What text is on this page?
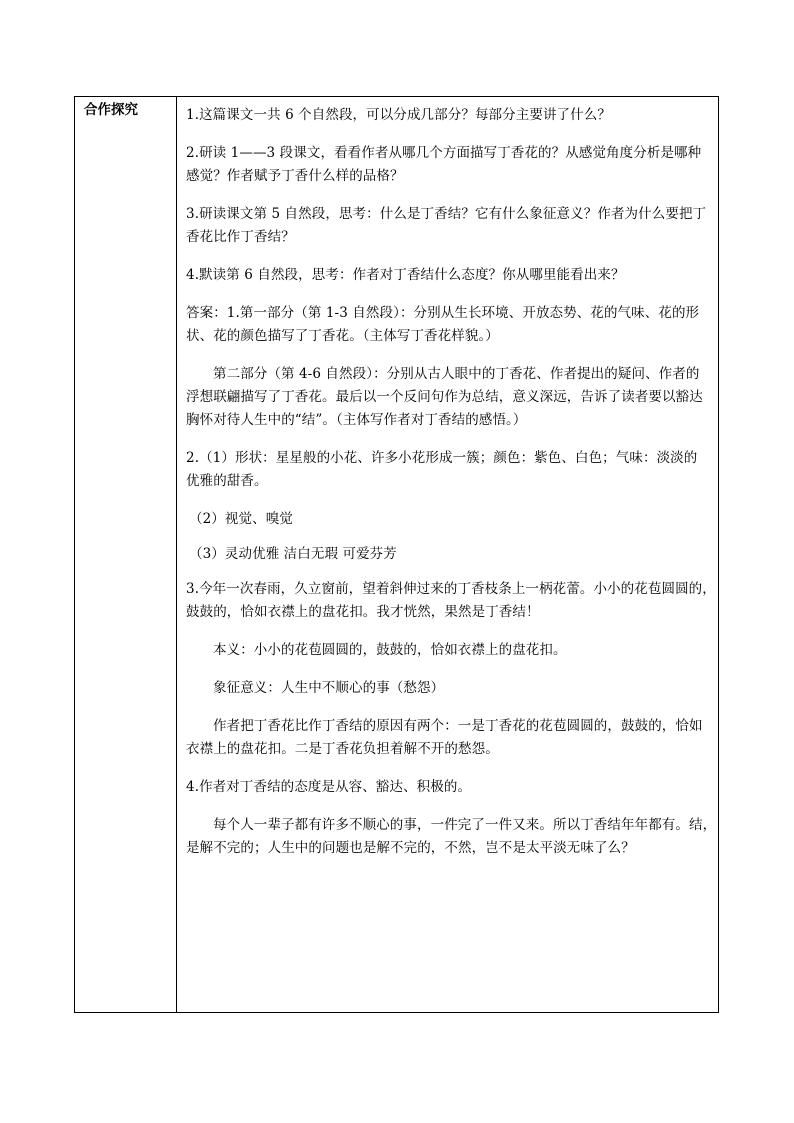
合作探究	1.这篇课文一共 6 个自然段，可以分成几部分？每部分主要讲了什么？

2.研读 1——3 段课文，看看作者从哪几个方面描写丁香花的？从感觉角度分析是哪种

感觉？作者赋予丁香什么样的品格？

3.研读课文第 5 自然段，思考：什么是丁香结？它有什么象征意义？作者为什么要把丁

香花比作丁香结？

4.默读第 6 自然段，思考：作者对丁香结什么态度？你从哪里能看出来？

答案：1.第一部分（第 1-3 自然段）：分别从生长环境、开放态势、花的气味、花的形

状、花的颜色描写了丁香花。（主体写丁香花样貌。）

第二部分（第 4-6 自然段）：分别从古人眼中的丁香花、作者提出的疑问、作者的

浮想联翩描写了丁香花。最后以一个反问句作为总结，意义深远，告诉了读者要以豁达

胸怀对待人生中的“结”。（主体写作者对丁香结的感悟。）

2.（1）形状：星星般的小花、许多小花形成一簇；颜色：紫色、白色；气味：淡淡的

优雅的甜香。

（2）视觉、嗅觉

（3）灵动优雅 洁白无瑕 可爱芬芳

3.今年一次春雨，久立窗前，望着斜伸过来的丁香枝条上一柄花蕾。小小的花苞圆圆的，

鼓鼓的，恰如衣襟上的盘花扣。我才恍然，果然是丁香结！

本义：小小的花苞圆圆的，鼓鼓的，恰如衣襟上的盘花扣。

象征意义：人生中不顺心的事（愁怨）

作者把丁香花比作丁香结的原因有两个：一是丁香花的花苞圆圆的，鼓鼓的，恰如

衣襟上的盘花扣。二是丁香花负担着解不开的愁怨。

4.作者对丁香结的态度是从容、豁达、积极的。

每个人一辈子都有许多不顺心的事，一件完了一件又来。所以丁香结年年都有。结，

是解不完的；人生中的问题也是解不完的，不然，岂不是太平淡无味了么？
